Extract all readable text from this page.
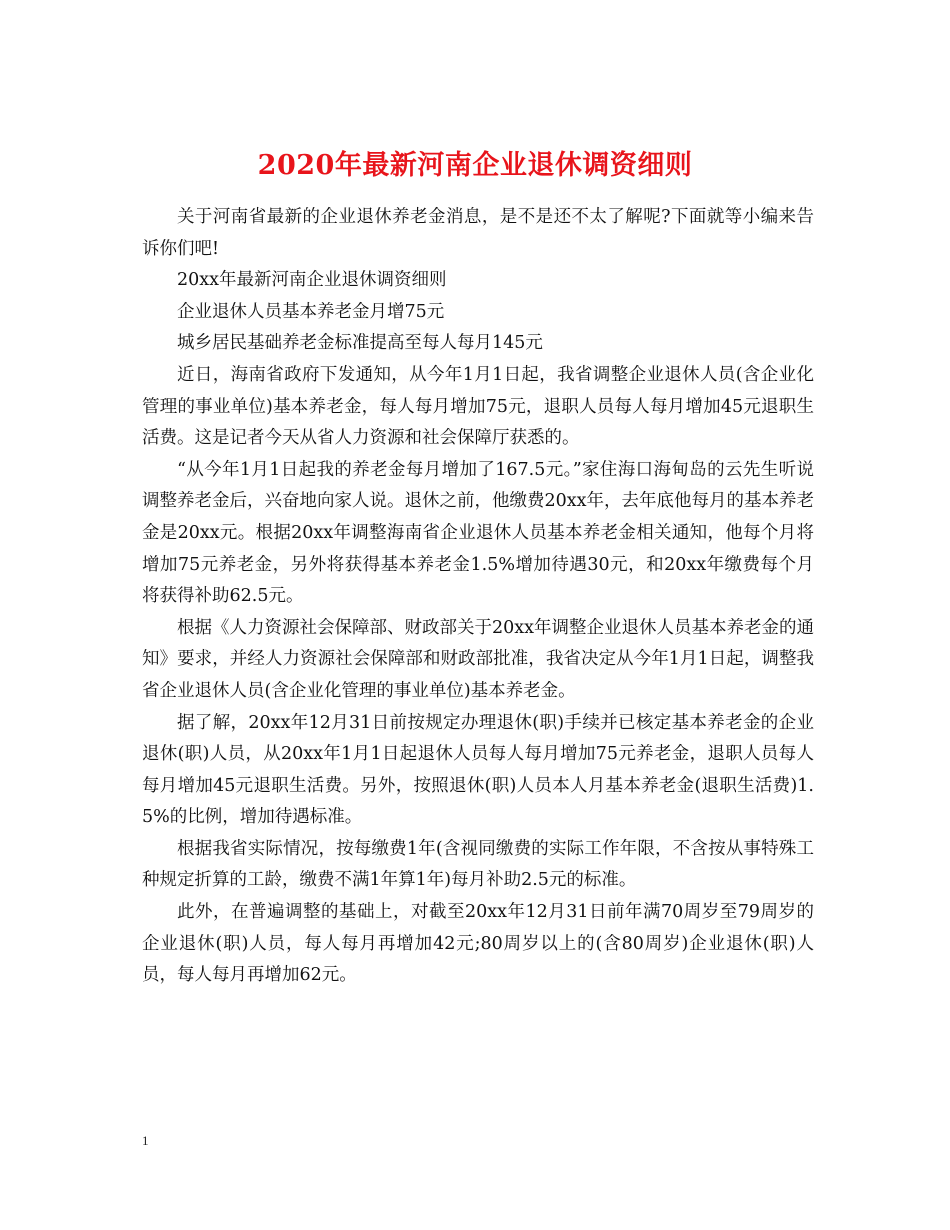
2020年最新河南企业退休调资细则

关于河南省最新的企业退休养老金消息，是不是还不太了解呢?下面就等小编来告诉你们吧!

20xx年最新河南企业退休调资细则

企业退休人员基本养老金月增75元

城乡居民基础养老金标准提高至每人每月145元

近日，海南省政府下发通知，从今年1月1日起，我省调整企业退休人员(含企业化管理的事业单位)基本养老金，每人每月增加75元，退职人员每人每月增加45元退职生活费。这是记者今天从省人力资源和社会保障厅获悉的。

“从今年1月1日起我的养老金每月增加了167.5元。”家住海口海甸岛的云先生听说调整养老金后，兴奋地向家人说。退休之前，他缴费20xx年，去年底他每月的基本养老金是20xx元。根据20xx年调整海南省企业退休人员基本养老金相关通知，他每个月将增加75元养老金，另外将获得基本养老金1.5%增加待遇30元，和20xx年缴费每个月将获得补助62.5元。

根据《人力资源社会保障部、财政部关于20xx年调整企业退休人员基本养老金的通知》要求，并经人力资源社会保障部和财政部批准，我省决定从今年1月1日起，调整我省企业退休人员(含企业化管理的事业单位)基本养老金。

据了解，20xx年12月31日前按规定办理退休(职)手续并已核定基本养老金的企业退休(职)人员，从20xx年1月1日起退休人员每人每月增加75元养老金，退职人员每人每月增加45元退职生活费。另外，按照退休(职)人员本人月基本养老金(退职生活费)1.5%的比例，增加待遇标准。

根据我省实际情况，按每缴费1年(含视同缴费的实际工作年限，不含按从事特殊工种规定折算的工龄，缴费不满1年算1年)每月补助2.5元的标准。

此外，在普遍调整的基础上，对截至20xx年12月31日前年满70周岁至79周岁的企业退休(职)人员，每人每月再增加42元;80周岁以上的(含80周岁)企业退休(职)人员，每人每月再增加62元。

1
